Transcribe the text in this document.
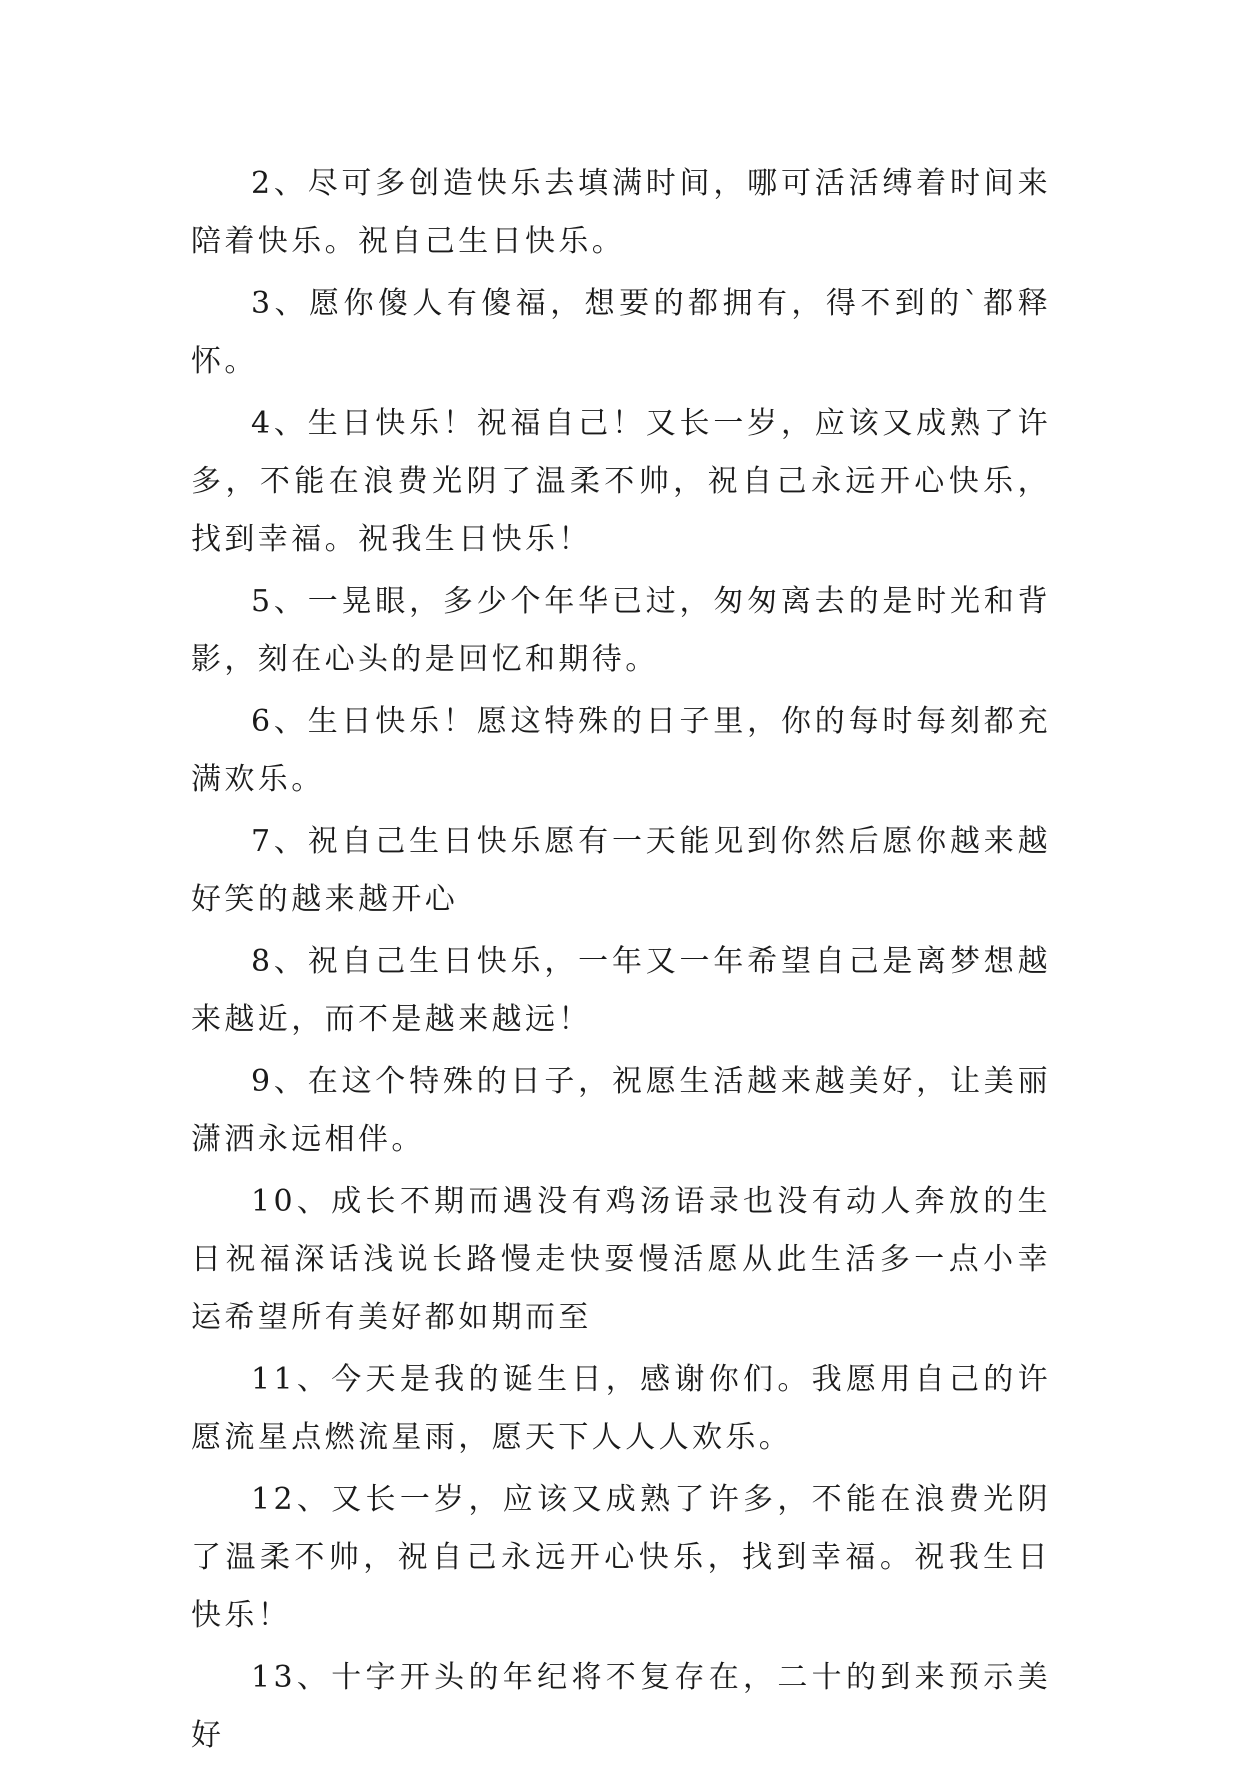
2、尽可多创造快乐去填满时间，哪可活活缚着时间来陪着快乐。祝自己生日快乐。

3、愿你傻人有傻福，想要的都拥有，得不到的`都释怀。

4、生日快乐！祝福自己！又长一岁，应该又成熟了许多，不能在浪费光阴了温柔不帅，祝自己永远开心快乐，找到幸福。祝我生日快乐！

5、一晃眼，多少个年华已过，匆匆离去的是时光和背影，刻在心头的是回忆和期待。

6、生日快乐！愿这特殊的日子里，你的每时每刻都充满欢乐。

7、祝自己生日快乐愿有一天能见到你然后愿你越来越好笑的越来越开心

8、祝自己生日快乐，一年又一年希望自己是离梦想越来越近，而不是越来越远！

9、在这个特殊的日子，祝愿生活越来越美好，让美丽潇洒永远相伴。

10、成长不期而遇没有鸡汤语录也没有动人奔放的生日祝福深话浅说长路慢走快耍慢活愿从此生活多一点小幸运希望所有美好都如期而至

11、今天是我的诞生日，感谢你们。我愿用自己的许愿流星点燃流星雨，愿天下人人人欢乐。

12、又长一岁，应该又成熟了许多，不能在浪费光阴了温柔不帅，祝自己永远开心快乐，找到幸福。祝我生日快乐！

13、十字开头的年纪将不复存在，二十的到来预示美好
